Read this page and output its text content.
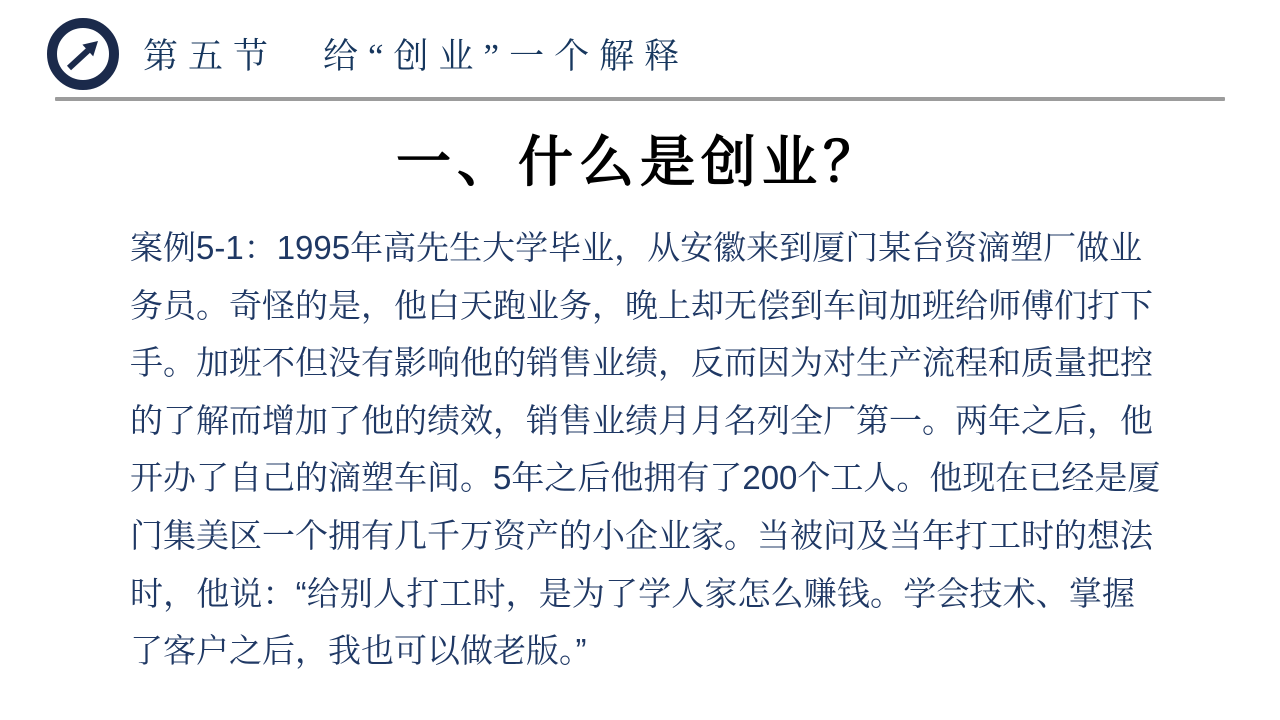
第五节　给“创业”一个解释
一、什么是创业？
案例5-1：1995年高先生大学毕业，从安徽来到厦门某台资滴塑厂做业
务员。奇怪的是，他白天跑业务，晚上却无偿到车间加班给师傅们打下
手。加班不但没有影响他的销售业绩，反而因为对生产流程和质量把控
的了解而增加了他的绩效，销售业绩月月名列全厂第一。两年之后，他
开办了自己的滴塑车间。5年之后他拥有了200个工人。他现在已经是厦
门集美区一个拥有几千万资产的小企业家。当被问及当年打工时的想法
时，他说：“给别人打工时，是为了学人家怎么赚钱。学会技术、掌握
了客户之后，我也可以做老版。”
